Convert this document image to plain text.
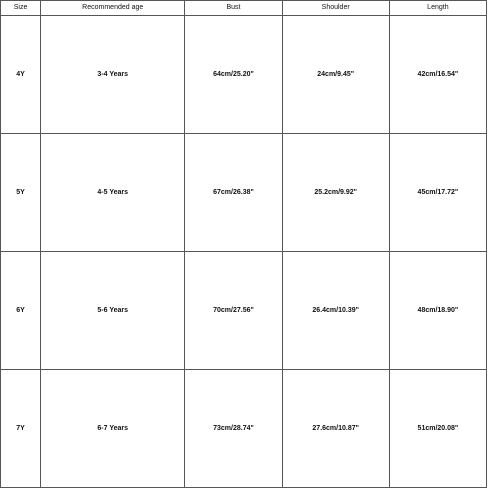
Size	Recommended age	Bust	Shoulder	Length
4Y	3-4 Years	64cm/25.20"	24cm/9.45"	42cm/16.54"
5Y	4-5 Years	67cm/26.38"	25.2cm/9.92"	45cm/17.72"
6Y	5-6 Years	70cm/27.56"	26.4cm/10.39"	48cm/18.90"
7Y	6-7 Years	73cm/28.74"	27.6cm/10.87"	51cm/20.08"
